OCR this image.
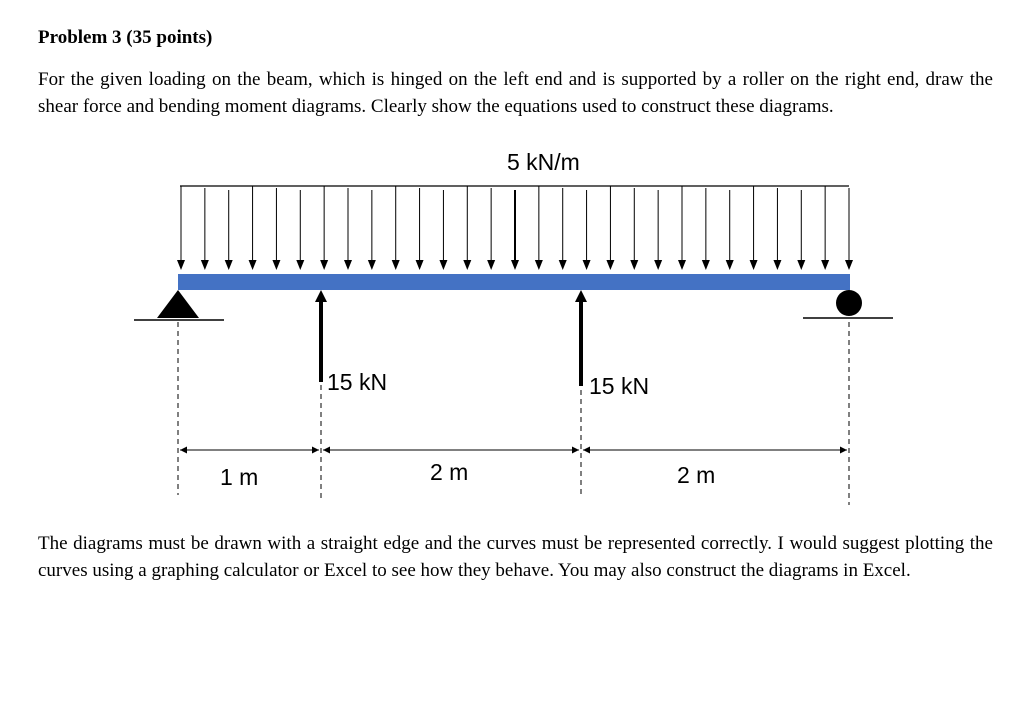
Problem 3 (35 points)
For the given loading on the beam, which is hinged on the left end and is supported by a roller on the right end, draw the shear force and bending moment diagrams. Clearly show the equations used to construct these diagrams.
5 kN/m
15 kN	15 kN
1 m	2 m	2 m
The diagrams must be drawn with a straight edge and the curves must be represented correctly. I would suggest plotting the curves using a graphing calculator or Excel to see how they behave. You may also construct the diagrams in Excel.
